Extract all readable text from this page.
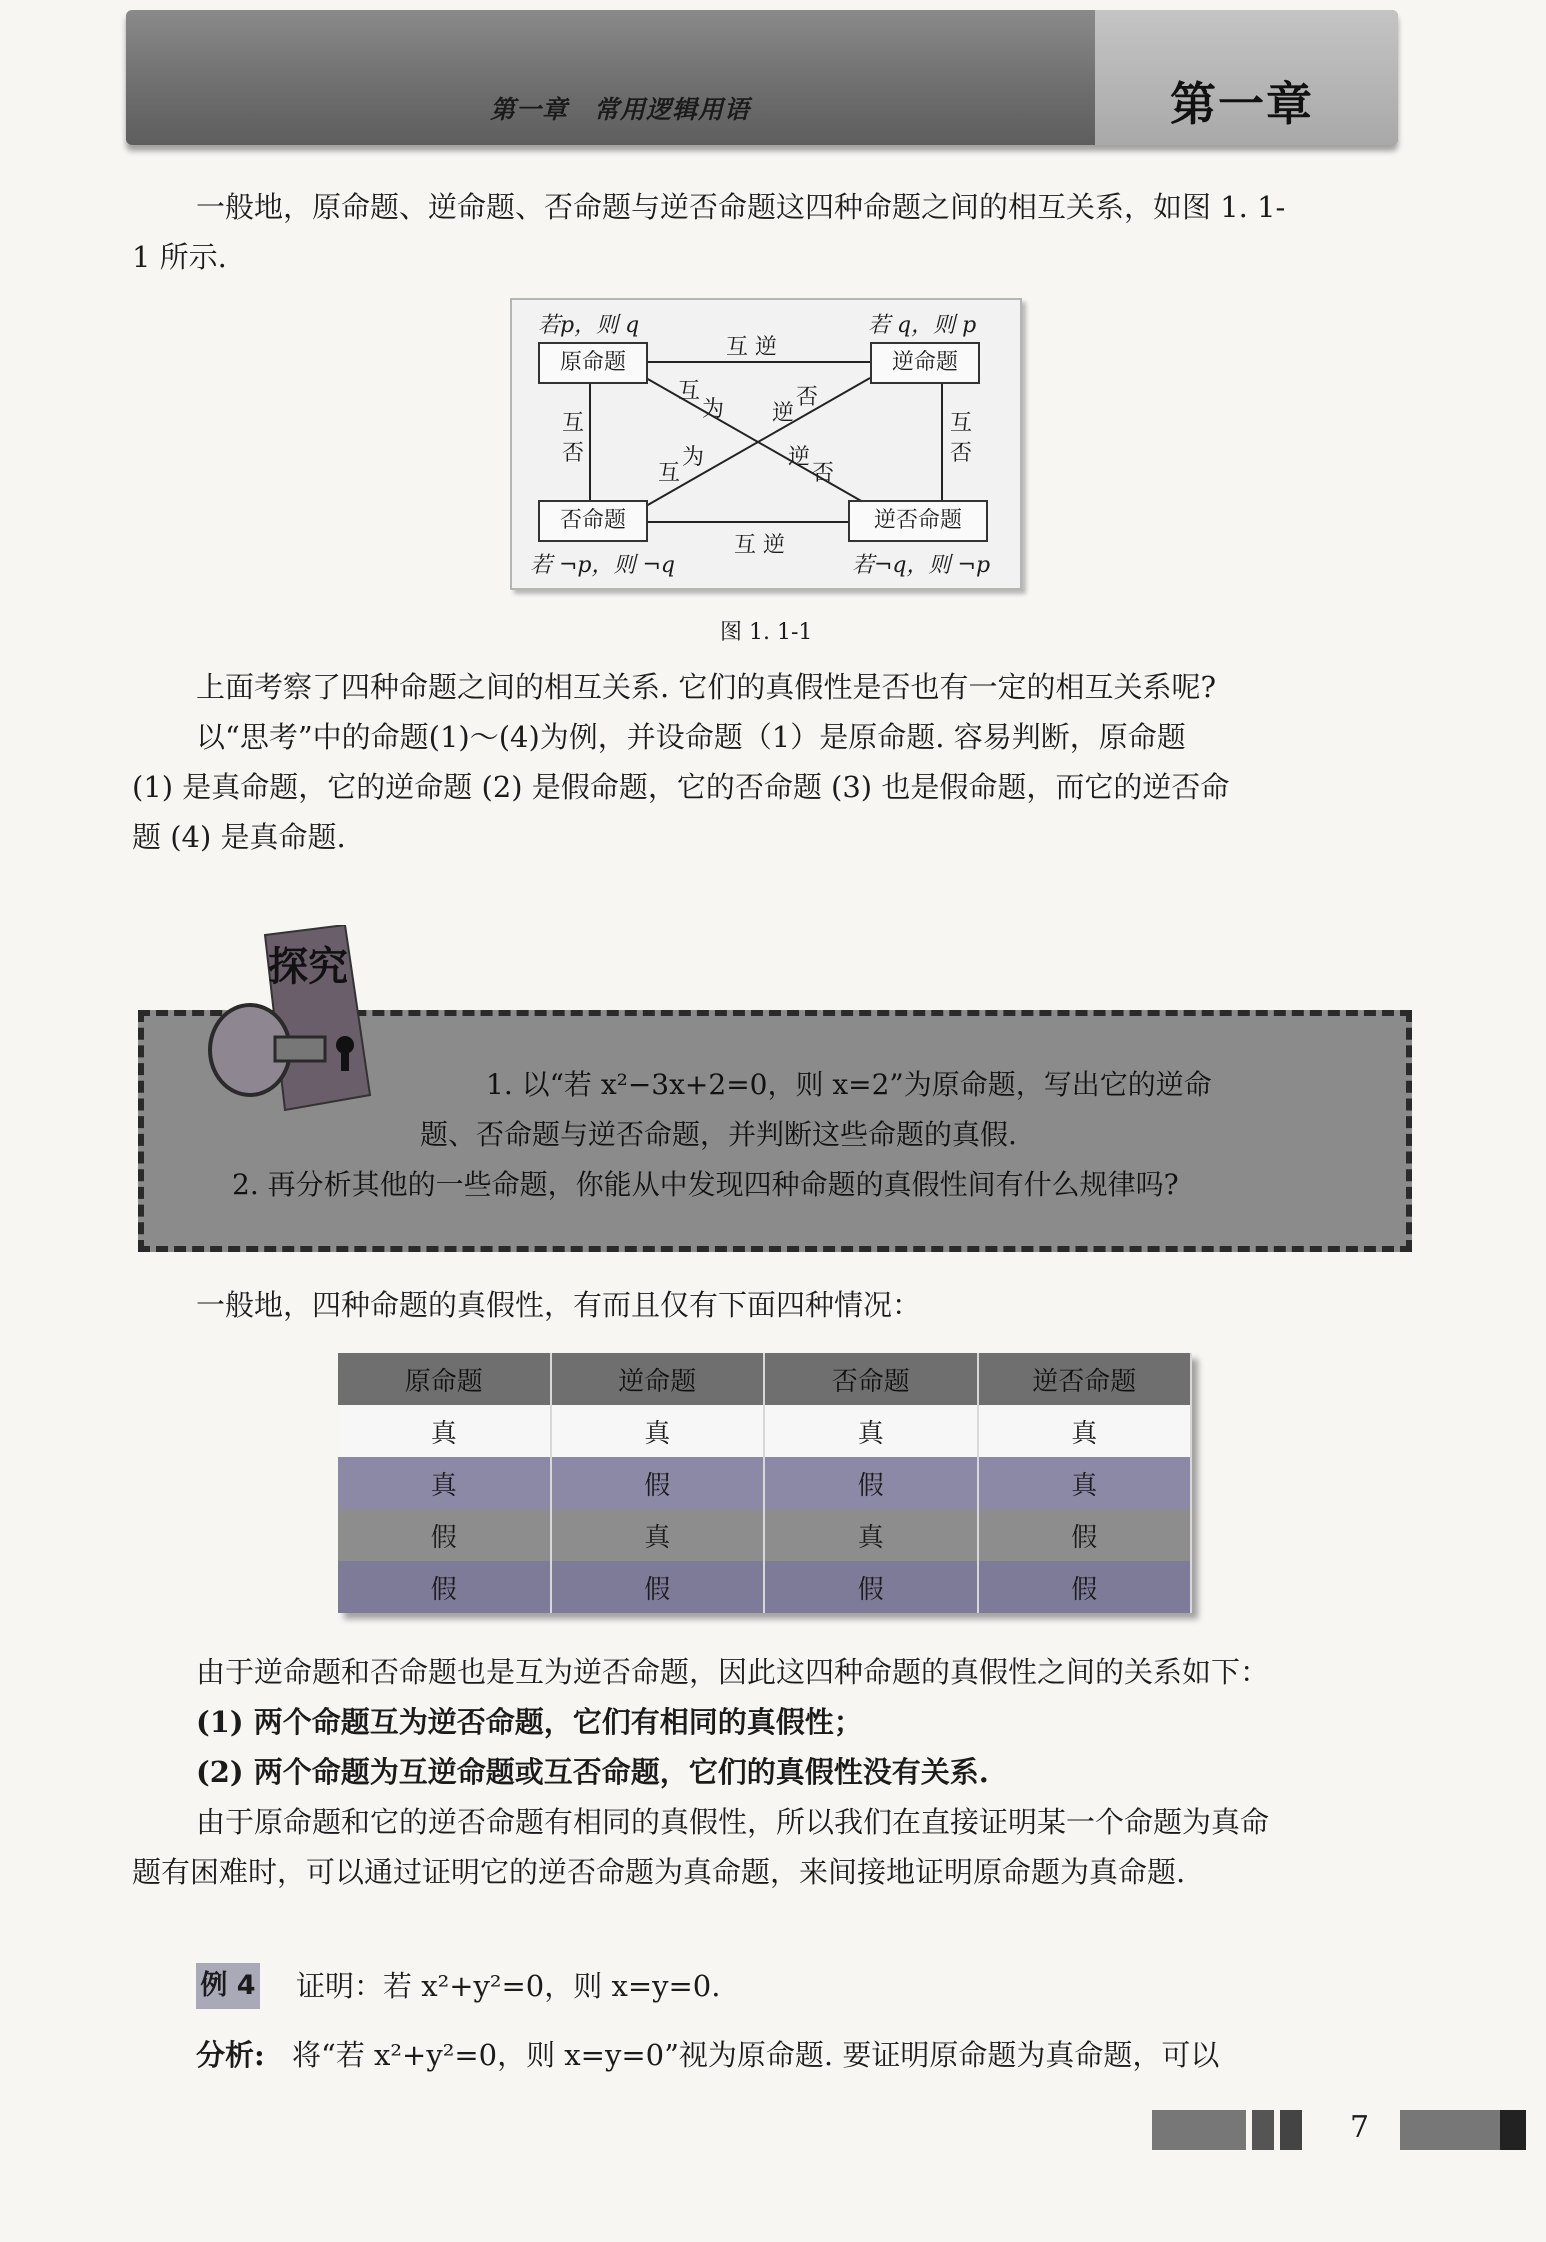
第一章　常用逻辑用语	第一章
一般地，原命题、逆命题、否命题与逆否命题这四种命题之间的相互关系，如图 1. 1-
1 所示.
若p，则 q	若 q，则 p
若 ¬p，则 ¬q	若¬q，则 ¬p
原命题	逆命题
否命题	逆否命题
互 逆
互 逆
互
否
互
否
互
为 逆
否
互
为	逆
否
图 1. 1-1
上面考察了四种命题之间的相互关系. 它们的真假性是否也有一定的相互关系呢?
以“思考”中的命题(1)～(4)为例，并设命题（1）是原命题. 容易判断，原命题
(1) 是真命题，它的逆命题 (2) 是假命题，它的否命题 (3) 也是假命题，而它的逆否命
题 (4) 是真命题.
探究
1. 以“若 x²−3x+2=0，则 x=2”为原命题，写出它的逆命
题、否命题与逆否命题，并判断这些命题的真假.
2. 再分析其他的一些命题，你能从中发现四种命题的真假性间有什么规律吗?
一般地，四种命题的真假性，有而且仅有下面四种情况：
原命题	逆命题	否命题	逆否命题
真	真	真	真
真	假	假	真
假	真	真	假
假	假	假	假
由于逆命题和否命题也是互为逆否命题，因此这四种命题的真假性之间的关系如下：
(1) 两个命题互为逆否命题，它们有相同的真假性；
(2) 两个命题为互逆命题或互否命题，它们的真假性没有关系.
由于原命题和它的逆否命题有相同的真假性，所以我们在直接证明某一个命题为真命
题有困难时，可以通过证明它的逆否命题为真命题，来间接地证明原命题为真命题.
例 4 证明：若 x²+y²=0，则 x=y=0.
分析: 将“若 x²+y²=0，则 x=y=0”视为原命题. 要证明原命题为真命题，可以
7
